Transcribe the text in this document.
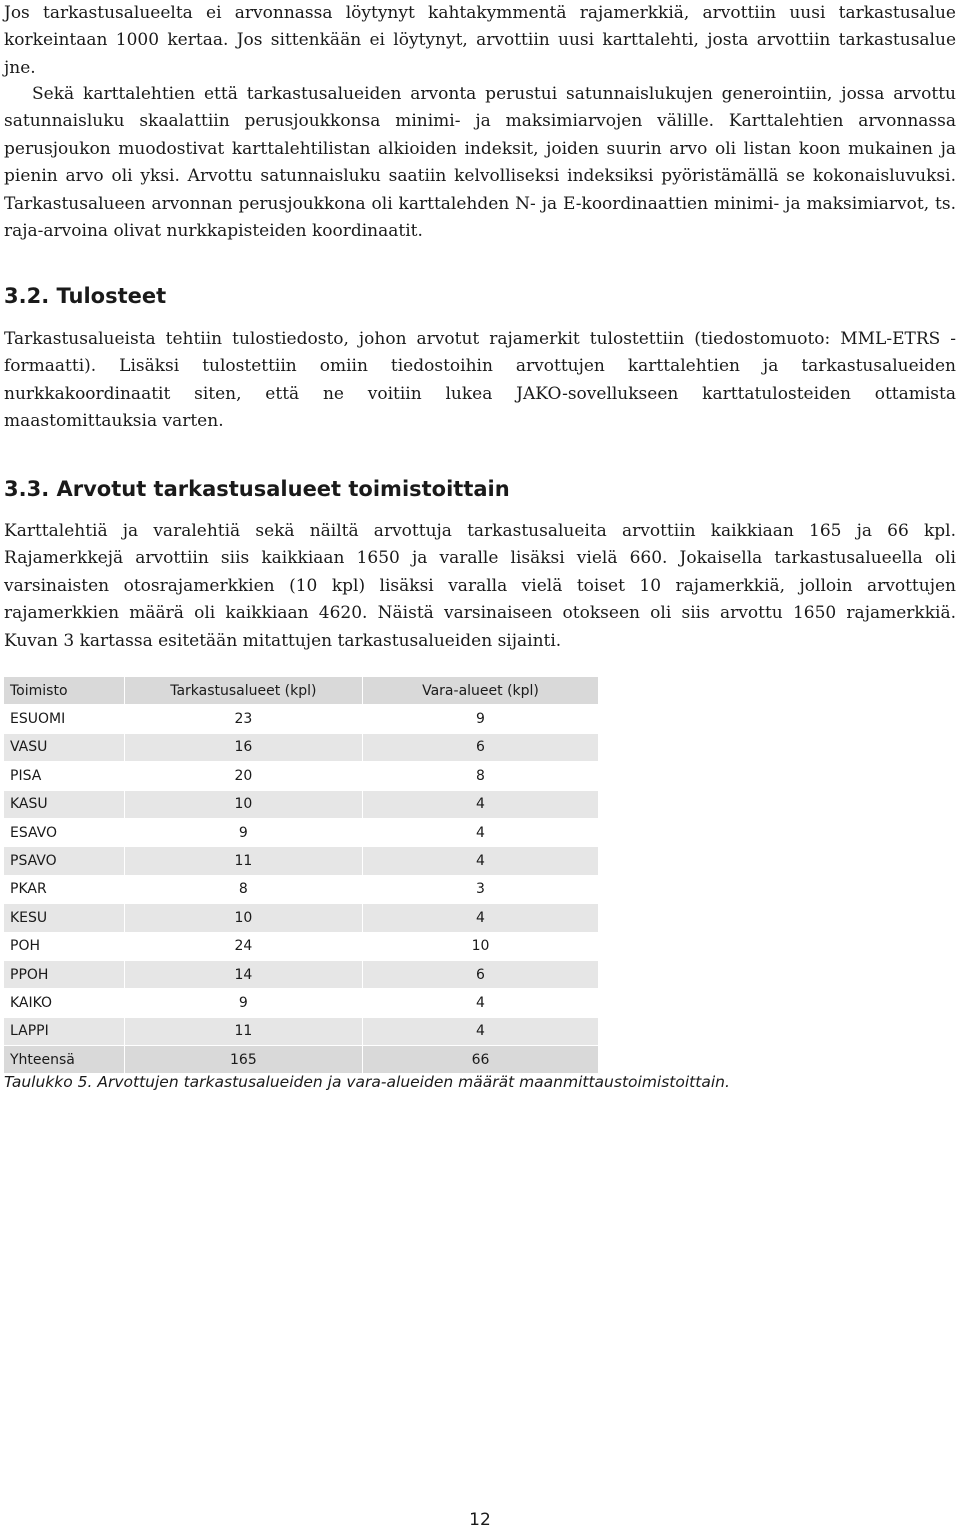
Jos tarkastusalueelta ei arvonnassa löytynyt kahtakymmentä rajamerkkiä, arvottiin uusi tarkastusalue korkeintaan 1000 kertaa. Jos sittenkään ei löytynyt, arvottiin uusi karttalehti, josta arvottiin tarkastusalue jne.

Sekä karttalehtien että tarkastusalueiden arvonta perustui satunnaislukujen generointiin, jossa arvottu satunnaisluku skaalattiin perusjoukkonsa minimi- ja maksimiarvojen välille. Karttalehtien arvonnassa perusjoukon muodostivat karttalehtilistan alkioiden indeksit, joiden suurin arvo oli listan koon mukainen ja pienin arvo oli yksi. Arvottu satunnaisluku saatiin kelvolliseksi indeksiksi pyöristämällä se kokonaisluvuksi. Tarkastusalueen arvonnan perusjoukkona oli karttalehden N- ja E-koordinaattien minimi- ja maksimiarvot, ts. raja-arvoina olivat nurkkapisteiden koordinaatit.

3.2. Tulosteet

Tarkastusalueista tehtiin tulostiedosto, johon arvotut rajamerkit tulostettiin (tiedostomuoto: MML-ETRS -formaatti). Lisäksi tulostettiin omiin tiedostoihin arvottujen karttalehtien ja tarkastusalueiden nurkkakoordinaatit siten, että ne voitiin lukea JAKO-sovellukseen karttatulosteiden ottamista maastomittauksia varten.

3.3. Arvotut tarkastusalueet toimistoittain

Karttalehtiä ja varalehtiä sekä näiltä arvottuja tarkastusalueita arvottiin kaikkiaan 165 ja 66 kpl. Rajamerkkejä arvottiin siis kaikkiaan 1650 ja varalle lisäksi vielä 660. Jokaisella tarkastusalueella oli varsinaisten otosrajamerkkien (10 kpl) lisäksi varalla vielä toiset 10 rajamerkkiä, jolloin arvottujen rajamerkkien määrä oli kaikkiaan 4620. Näistä varsinaiseen otokseen oli siis arvottu 1650 rajamerkkiä. Kuvan 3 kartassa esitetään mitattujen tarkastusalueiden sijainti.

Toimisto	Tarkastusalueet (kpl)	Vara-alueet (kpl)
ESUOMI	23	9
VASU	16	6
PISA	20	8
KASU	10	4
ESAVO	9	4
PSAVO	11	4
PKAR	8	3
KESU	10	4
POH	24	10
PPOH	14	6
KAIKO	9	4
LAPPI	11	4
Yhteensä	165	66

Taulukko 5. Arvottujen tarkastusalueiden ja vara-alueiden määrät maanmittaustoimistoittain.

12
